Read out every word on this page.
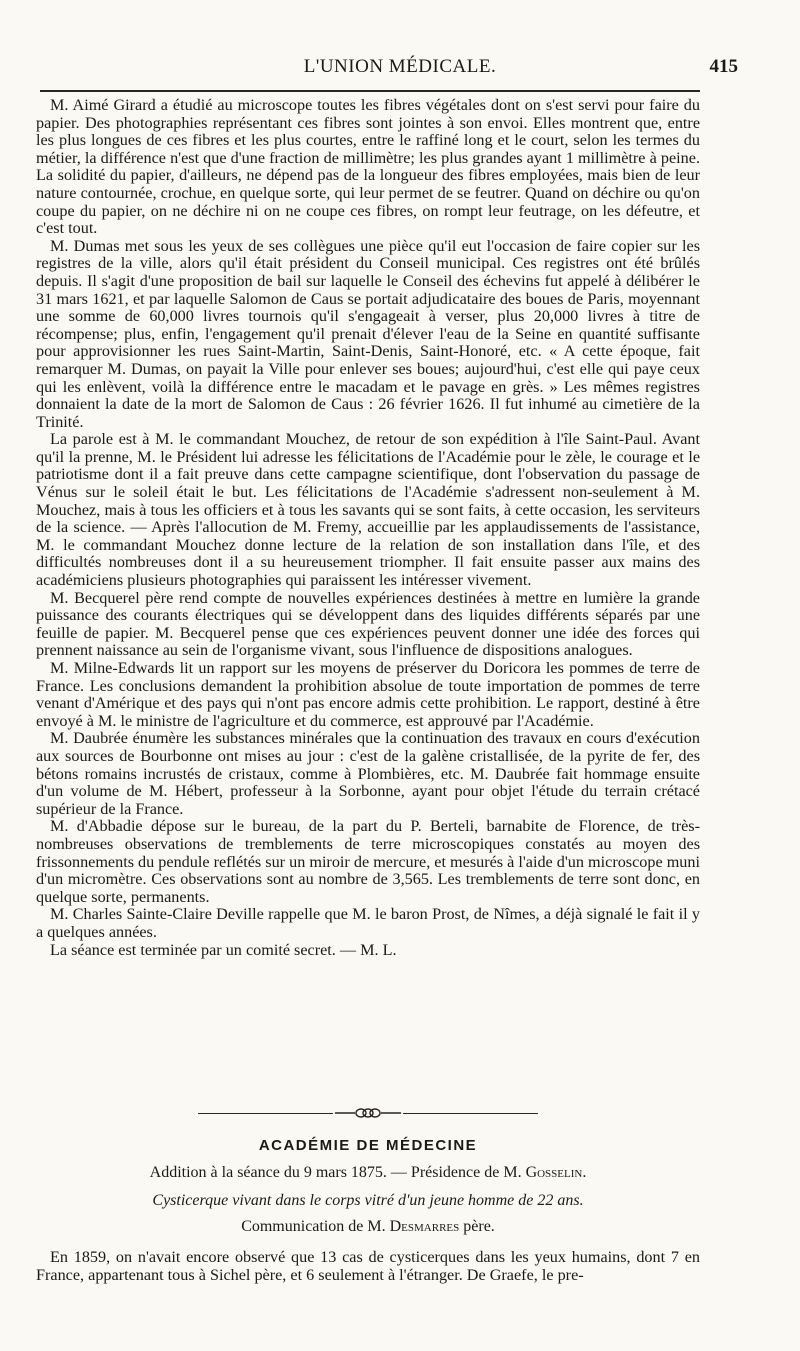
L'UNION MÉDICALE.	415

M. Aimé Girard a étudié au microscope toutes les fibres végétales dont on s'est servi pour faire du papier. Des photographies représentant ces fibres sont jointes à son envoi. Elles montrent que, entre les plus longues de ces fibres et les plus courtes, entre le raffiné long et le court, selon les termes du métier, la différence n'est que d'une fraction de millimètre; les plus grandes ayant 1 millimètre à peine. La solidité du papier, d'ailleurs, ne dépend pas de la longueur des fibres employées, mais bien de leur nature contournée, crochue, en quelque sorte, qui leur permet de se feutrer. Quand on déchire ou qu'on coupe du papier, on ne déchire ni on ne coupe ces fibres, on rompt leur feutrage, on les défeutre, et c'est tout.

M. Dumas met sous les yeux de ses collègues une pièce qu'il eut l'occasion de faire copier sur les registres de la ville, alors qu'il était président du Conseil municipal. Ces registres ont été brûlés depuis. Il s'agit d'une proposition de bail sur laquelle le Conseil des échevins fut appelé à délibérer le 31 mars 1621, et par laquelle Salomon de Caus se portait adjudicataire des boues de Paris, moyennant une somme de 60,000 livres tournois qu'il s'engageait à verser, plus 20,000 livres à titre de récompense; plus, enfin, l'engagement qu'il prenait d'élever l'eau de la Seine en quantité suffisante pour approvisionner les rues Saint-Martin, Saint-Denis, Saint-Honoré, etc. « A cette époque, fait remarquer M. Dumas, on payait la Ville pour enlever ses boues; aujourd'hui, c'est elle qui paye ceux qui les enlèvent, voilà la différence entre le macadam et le pavage en grès. » Les mêmes registres donnaient la date de la mort de Salomon de Caus : 26 février 1626. Il fut inhumé au cimetière de la Trinité.

La parole est à M. le commandant Mouchez, de retour de son expédition à l'île Saint-Paul. Avant qu'il la prenne, M. le Président lui adresse les félicitations de l'Académie pour le zèle, le courage et le patriotisme dont il a fait preuve dans cette campagne scientifique, dont l'observation du passage de Vénus sur le soleil était le but. Les félicitations de l'Académie s'adressent non-seulement à M. Mouchez, mais à tous les officiers et à tous les savants qui se sont faits, à cette occasion, les serviteurs de la science. — Après l'allocution de M. Fremy, accueillie par les applaudissements de l'assistance, M. le commandant Mouchez donne lecture de la relation de son installation dans l'île, et des difficultés nombreuses dont il a su heureusement triompher. Il fait ensuite passer aux mains des académiciens plusieurs photographies qui paraissent les intéresser vivement.

M. Becquerel père rend compte de nouvelles expériences destinées à mettre en lumière la grande puissance des courants électriques qui se développent dans des liquides différents séparés par une feuille de papier. M. Becquerel pense que ces expériences peuvent donner une idée des forces qui prennent naissance au sein de l'organisme vivant, sous l'influence de dispositions analogues.

M. Milne-Edwards lit un rapport sur les moyens de préserver du Doricora les pommes de terre de France. Les conclusions demandent la prohibition absolue de toute importation de pommes de terre venant d'Amérique et des pays qui n'ont pas encore admis cette prohibition. Le rapport, destiné à être envoyé à M. le ministre de l'agriculture et du commerce, est approuvé par l'Académie.

M. Daubrée énumère les substances minérales que la continuation des travaux en cours d'exécution aux sources de Bourbonne ont mises au jour : c'est de la galène cristallisée, de la pyrite de fer, des bétons romains incrustés de cristaux, comme à Plombières, etc. M. Daubrée fait hommage ensuite d'un volume de M. Hébert, professeur à la Sorbonne, ayant pour objet l'étude du terrain crétacé supérieur de la France.

M. d'Abbadie dépose sur le bureau, de la part du P. Berteli, barnabite de Florence, de très-nombreuses observations de tremblements de terre microscopiques constatés au moyen des frissonnements du pendule reflétés sur un miroir de mercure, et mesurés à l'aide d'un microscope muni d'un micromètre. Ces observations sont au nombre de 3,565. Les tremblements de terre sont donc, en quelque sorte, permanents.

M. Charles Sainte-Claire Deville rappelle que M. le baron Prost, de Nîmes, a déjà signalé le fait il y a quelques années.

La séance est terminée par un comité secret. — M. L.

ACADÉMIE DE MÉDECINE
Addition à la séance du 9 mars 1875. — Présidence de M. Gosselin.
Cysticerque vivant dans le corps vitré d'un jeune homme de 22 ans.
Communication de M. Desmarres père.

En 1859, on n'avait encore observé que 13 cas de cysticerques dans les yeux humains, dont 7 en France, appartenant tous à Sichel père, et 6 seulement à l'étranger. De Graefe, le pre-
